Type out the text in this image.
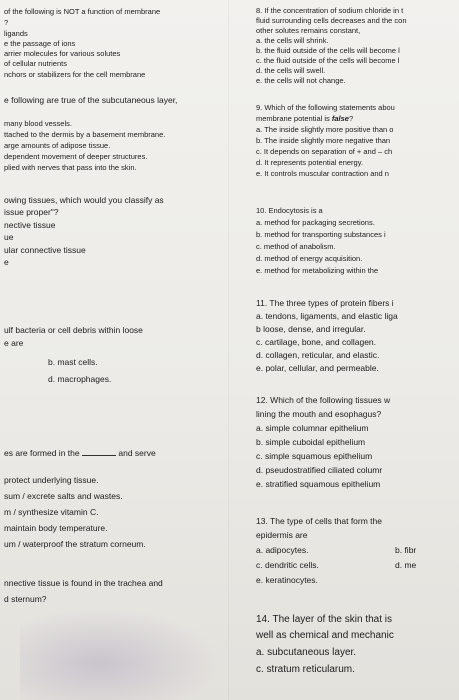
of the following is NOT a function of membrane
?
ligands
e the passage of ions
arrier molecules for various solutes
of cellular nutrients
nchors or stabilizers for the cell membrane
e following are true of the subcutaneous layer,
many blood vessels.
ttached to the dermis by a basement membrane.
arge amounts of adipose tissue.
dependent movement of deeper structures.
plied with nerves that pass into the skin.
owing tissues, which would you classify as
issue proper"?
nective tissue
ue
ular connective tissue
e
ulf bacteria or cell debris within loose
e are
b. mast cells.
d. macrophages.
es are formed in the	and serve
protect underlying tissue.
sum / excrete salts and wastes.
m / synthesize vitamin C.
maintain body temperature.
um / waterproof the stratum corneum.
nnective tissue is found in the trachea and
d sternum?
8. If the concentration of sodium chloride in t
fluid surrounding cells decreases and the con
other solutes remains constant,
a. the cells will shrink.
b. the fluid outside of the cells will become l
c. the fluid outside of the cells will become l
d. the cells will swell.
e. the cells will not change.
9. Which of the following statements abou
membrane potential is false?
a. The inside slightly more positive than o
b. The inside slightly more negative than
c. It depends on separation of + and – ch
d. It represents potential energy.
e. It controls muscular contraction and n
10. Endocytosis is a
a. method for packaging secretions.
b. method for transporting substances i
c. method of anabolism.
d. method of energy acquisition.
e. method for metabolizing within the
11. The three types of protein fibers i
a. tendons, ligaments, and elastic liga
b loose, dense, and irregular.
c. cartilage, bone, and collagen.
d. collagen, reticular, and elastic.
e. polar, cellular, and permeable.
12. Which of the following tissues w
lining the mouth and esophagus?
a. simple columnar epithelium
b. simple cuboidal epithelium
c. simple squamous epithelium
d. pseudostratified ciliated columr
e. stratified squamous epithelium
13. The type of cells that form the
epidermis are
a. adipocytes.	b. fibr
c. dendritic cells.	d. me
e. keratinocytes.
14. The layer of the skin that is
well as chemical and mechanic
a. subcutaneous layer.
c. stratum reticularum.
